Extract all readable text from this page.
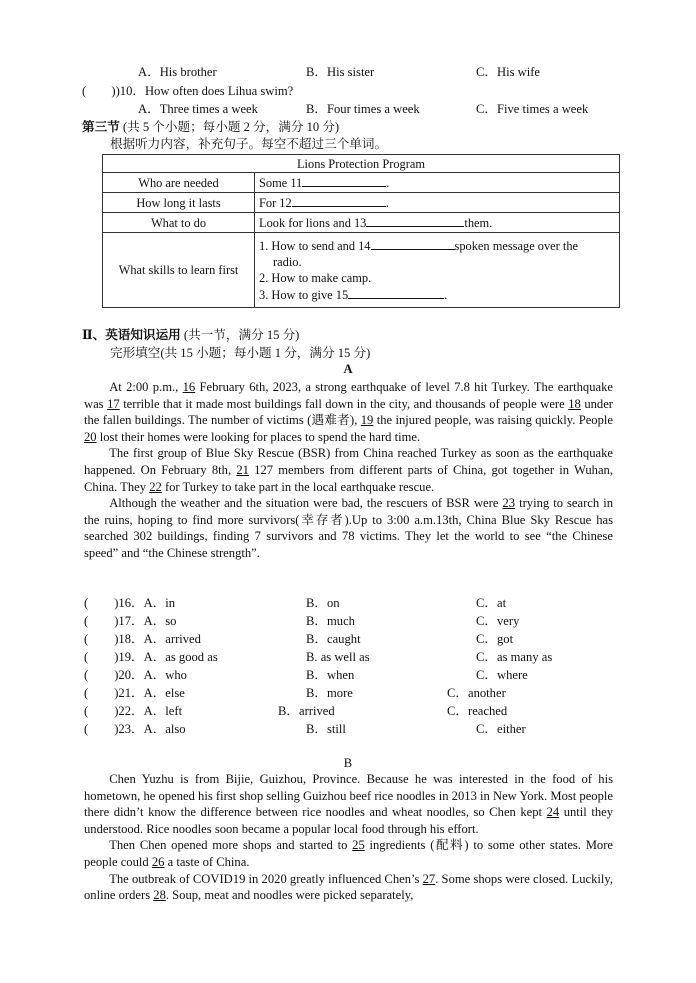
A．His brother	B．His sister	C．His wife
(　　))10．How often does Lihua swim?
A．Three times a week	B．Four times a week	C．Five times a week
第三节 (共 5 个小题；每小题 2 分，满分 10 分)
根据听力内容，补充句子。每空不超过三个单词。
Lions Protection Program	
Who are needed	Some 11 .
How long it lasts	For 12 .
What to do	Look for lions and 13 them.
What skills to learn first	1. How to send and 14 spoken message over the
radio.
2. How to make camp.
3. How to give 15 .
Ⅱ、英语知识运用 (共一节，满分 15 分)
完形填空(共 15 小题；每小题 1 分，满分 15 分)
A

At 2:00 p.m., 16 February 6th, 2023, a strong earthquake of level 7.8 hit Turkey. The earthquake was 17 terrible that it made most buildings fall down in the city, and thousands of people were 18 under the fallen buildings. The number of victims (遇难者), 19 the injured people, was raising quickly. People 20 lost their homes were looking for places to spend the hard time.

The first group of Blue Sky Rescue (BSR) from China reached Turkey as soon as the earthquake happened. On February 8th, 21 127 members from different parts of China, got together in Wuhan, China. They 22 for Turkey to take part in the local earthquake rescue.

Although the weather and the situation were bad, the rescuers of BSR were 23 trying to search in the ruins, hoping to find more survivors(幸存者).Up to 3:00 a.m.13th, China Blue Sky Rescue has searched 302 buildings, finding 7 survivors and 78 victims. They let the world to see “the Chinese speed” and “the Chinese strength”.

( )16．A．in	B．on	C．at
( )17．A．so	B．much	C．very
( )18．A．arrived	B．caught	C．got
( )19．A．as good as	B. as well as	C．as many as
( )20．A．who	B．when	C．where
( )21．A．else	B．more	C．another
( )22．A．left	B．arrived	C．reached
( )23．A．also	B．still	C．either
B

Chen Yuzhu is from Bijie, Guizhou, Province. Because he was interested in the food of his hometown, he opened his first shop selling Guizhou beef rice noodles in 2013 in New York. Most people there didn’t know the difference between rice noodles and wheat noodles, so Chen kept 24 until they understood. Rice noodles soon became a popular local food through his effort.

Then Chen opened more shops and started to 25 ingredients (配料) to some other states. More people could 26 a taste of China.

The outbreak of COVID19 in 2020 greatly influenced Chen’s 27. Some shops were closed. Luckily, online orders 28. Soup, meat and noodles were picked separately,
